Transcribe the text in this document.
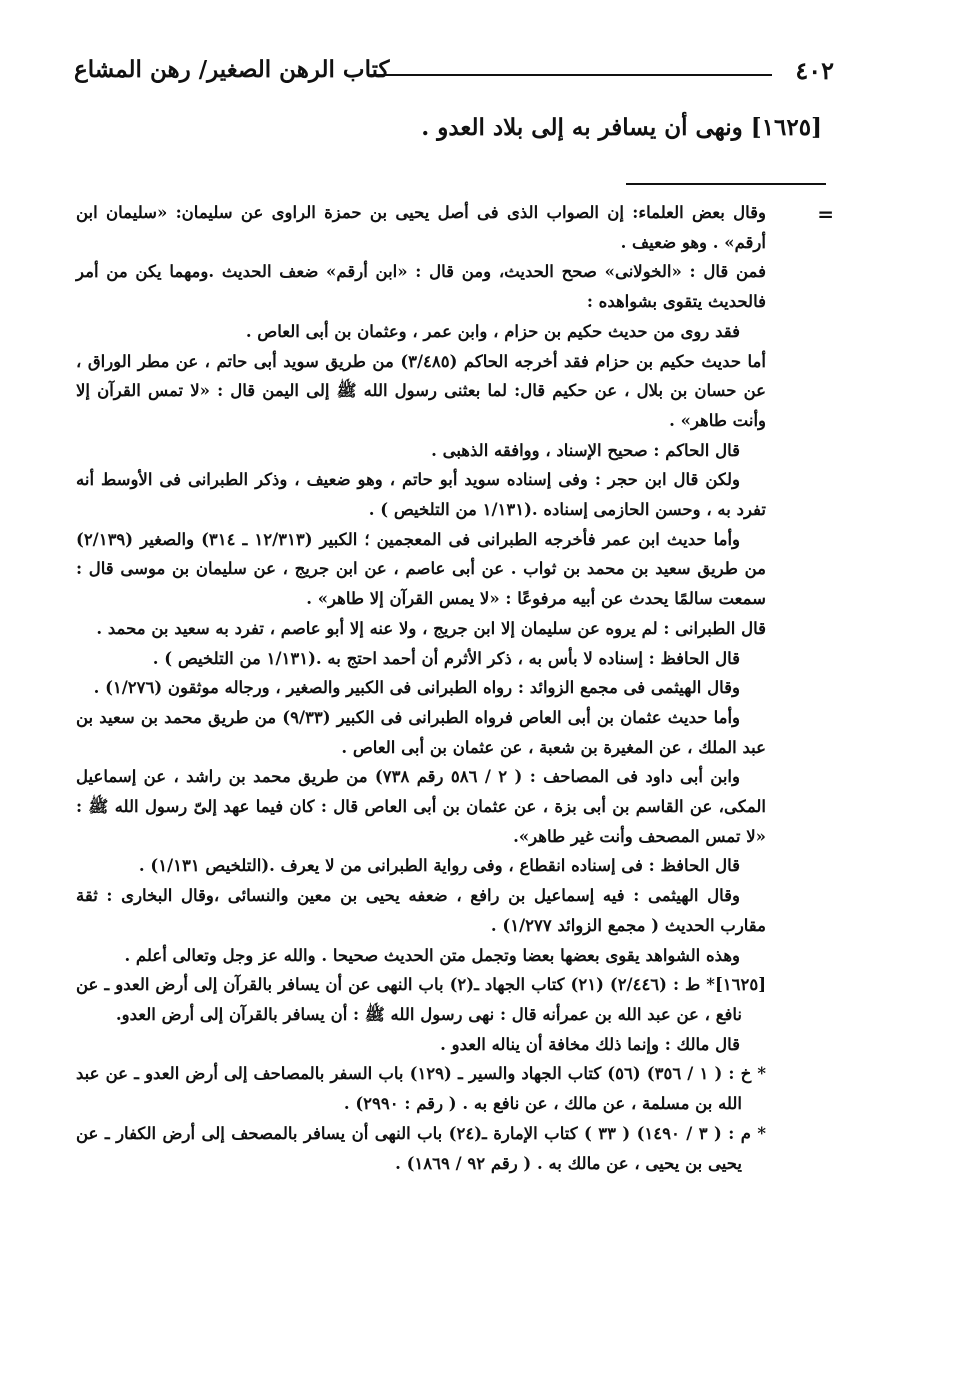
٤٠٢
كتاب الرهن الصغير/ رهن المشاع
[١٦٢٥] ونهى أن يسافر به إلى بلاد العدو .
=

وقال بعض العلماء: إن الصواب الذى فى أصل يحيى بن حمزة الراوى عن سليمان: «سليمان ابن أرقم» . وهو ضعيف .

فمن قال : «الخولانى» صحح الحديث، ومن قال : «ابن أرقم» ضعف الحديث .ومهما يكن من أمر فالحديث يتقوى بشواهده :

فقد روى من حديث حكيم بن حزام ، وابن عمر ، وعثمان بن أبى العاص .

أما حديث حكيم بن حزام فقد أخرجه الحاكم (٣/٤٨٥) من طريق سويد أبى حاتم ، عن مطر الوراق ، عن حسان بن بلال ، عن حكيم قال: لما بعثنى رسول الله ﷺ إلى اليمن قال : «لا تمس القرآن إلا وأنت طاهر» .

قال الحاكم : صحيح الإسناد ، ووافقه الذهبى .

ولكن قال ابن حجر : وفى إسناده سويد أبو حاتم ، وهو ضعيف ، وذكر الطبرانى فى الأوسط أنه تفرد به ، وحسن الحازمى إسناده .(١/١٣١ من التلخيص ) .

وأما حديث ابن عمر فأخرجه الطبرانى فى المعجمين ؛ الكبير (١٢/٣١٣ ـ ٣١٤) والصغير (٢/١٣٩) من طريق سعيد بن محمد بن ثواب . عن أبى عاصم ، عن ابن جريج ، عن سليمان بن موسى قال : سمعت سالمًا يحدث عن أبيه مرفوعًا : «لا يمس القرآن إلا طاهر» .

قال الطبرانى : لم يروه عن سليمان إلا ابن جريج ، ولا عنه إلا أبو عاصم ، تفرد به سعيد بن محمد .

قال الحافظ : إسناده لا بأس به ، ذكر الأثرم أن أحمد احتج به .(١/١٣١ من التلخيص ) .

وقال الهيثمى فى مجمع الزوائد : رواه الطبرانى فى الكبير والصغير ، ورجاله موثقون (١/٢٧٦) .

وأما حديث عثمان بن أبى العاص فرواه الطبرانى فى الكبير (٩/٣٣) من طريق محمد بن سعيد بن عبد الملك ، عن المغيرة بن شعبة ، عن عثمان بن أبى العاص .

وابن أبى داود فى المصاحف : ( ٢ / ٥٨٦ رقم ٧٣٨) من طريق محمد بن راشد ، عن إسماعيل المكى، عن القاسم بن أبى بزة ، عن عثمان بن أبى العاص قال : كان فيما عهد إلىّ رسول الله ﷺ : «لا تمس المصحف وأنت غير طاهر».

قال الحافظ : فى إسناده انقطاع ، وفى رواية الطبرانى من لا يعرف .(التلخيص ١/١٣١) .

وقال الهيثمى : فيه إسماعيل بن رافع ، ضعفه يحيى بن معين والنسائى ،وقال البخارى : ثقة مقارب الحديث ( مجمع الزوائد ١/٢٧٧) .

وهذه الشواهد يقوى بعضها بعضا وتجمل متن الحديث صحيحا . والله عز وجل وتعالى أعلم .

[١٦٢٥]* ط : (٢/٤٤٦) (٢١) كتاب الجهاد ـ(٢) باب النهى عن أن يسافر بالقرآن إلى أرض العدو ـ عن نافع ، عن عبد الله بن عمرأنه قال : نهى رسول الله ﷺ : أن يسافر بالقرآن إلى أرض العدو.

قال مالك : وإنما ذلك مخافة أن يناله العدو .

* خ : ( ١ / ٣٥٦) (٥٦) كتاب الجهاد والسير ـ (١٢٩) باب السفر بالمصاحف إلى أرض العدو ـ عن عبد الله بن مسلمة ، عن مالك ، عن نافع به . ( رقم : ٢٩٩٠) .

* م : ( ٣ / ١٤٩٠) ( ٣٣ ) كتاب الإمارة ـ(٢٤) باب النهى أن يسافر بالمصحف إلى أرض الكفار ـ عن يحيى بن يحيى ، عن مالك به . ( رقم ٩٢ / ١٨٦٩) .
